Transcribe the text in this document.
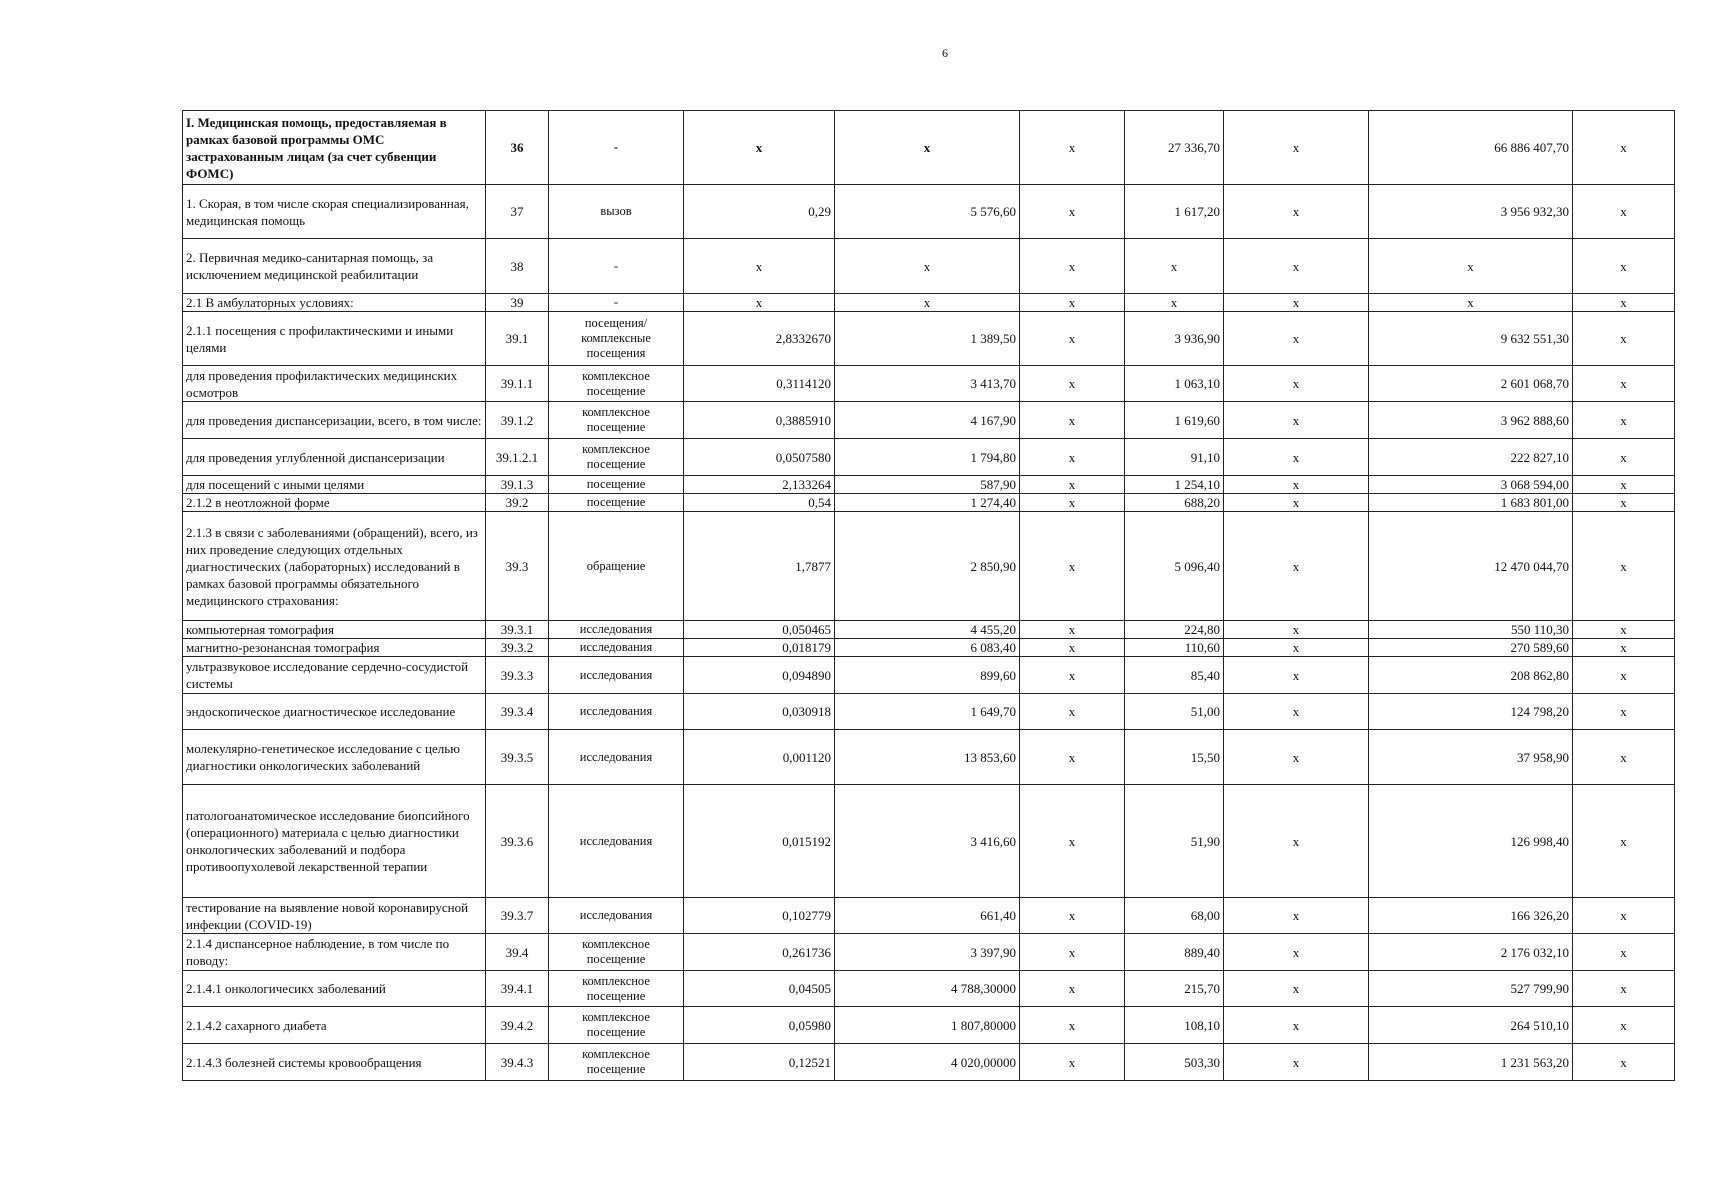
6
I. Медицинская помощь, предоставляемая в рамках базовой программы ОМС застрахованным лицам (за счет субвенции ФОМС)	36	-	x	x	x	27 336,70	x	66 886 407,70	x
1. Скорая, в том числе скорая специализированная, медицинская помощь	37	вызов	0,29	5 576,60	x	1 617,20	x	3 956 932,30	x
2. Первичная медико-санитарная помощь, за исключением медицинской реабилитации	38	-	x	x	x	x	x	x	x
2.1 В амбулаторных условиях:	39	-	x	x	x	x	x	x	x
2.1.1 посещения с профилактическими и иными целями	39.1	посещения/комплексные посещения	2,8332670	1 389,50	x	3 936,90	x	9 632 551,30	x
для проведения профилактических медицинских осмотров	39.1.1	комплексное посещение	0,3114120	3 413,70	x	1 063,10	x	2 601 068,70	x
для проведения диспансеризации, всего, в том числе:	39.1.2	комплексное посещение	0,3885910	4 167,90	x	1 619,60	x	3 962 888,60	x
для проведения углубленной диспансеризации	39.1.2.1	комплексное посещение	0,0507580	1 794,80	x	91,10	x	222 827,10	x
для посещений с иными целями	39.1.3	посещение	2,133264	587,90	x	1 254,10	x	3 068 594,00	x
2.1.2 в неотложной форме	39.2	посещение	0,54	1 274,40	x	688,20	x	1 683 801,00	x
2.1.3 в связи с заболеваниями (обращений), всего, из них проведение следующих отдельных диагностических (лабораторных) исследований в рамках базовой программы обязательного медицинского страхования:	39.3	обращение	1,7877	2 850,90	x	5 096,40	x	12 470 044,70	x
компьютерная томография	39.3.1	исследования	0,050465	4 455,20	x	224,80	x	550 110,30	x
магнитно-резонансная томография	39.3.2	исследования	0,018179	6 083,40	x	110,60	x	270 589,60	x
ультразвуковое исследование сердечно-сосудистой системы	39.3.3	исследования	0,094890	899,60	x	85,40	x	208 862,80	x
эндоскопическое диагностическое исследование	39.3.4	исследования	0,030918	1 649,70	x	51,00	x	124 798,20	x
молекулярно-генетическое исследование с целью диагностики онкологических заболеваний	39.3.5	исследования	0,001120	13 853,60	x	15,50	x	37 958,90	x
патологоанатомическое исследование биопсийного (операционного) материала с целью диагностики онкологических заболеваний и подбора противоопухолевой лекарственной терапии	39.3.6	исследования	0,015192	3 416,60	x	51,90	x	126 998,40	x
тестирование на выявление новой коронавирусной инфекции (COVID-19)	39.3.7	исследования	0,102779	661,40	x	68,00	x	166 326,20	x
2.1.4 диспансерное наблюдение, в том числе по поводу:	39.4	комплексное посещение	0,261736	3 397,90	x	889,40	x	2 176 032,10	x
2.1.4.1 онкологичесикх заболеваний	39.4.1	комплексное посещение	0,04505	4 788,30000	x	215,70	x	527 799,90	x
2.1.4.2 сахарного диабета	39.4.2	комплексное посещение	0,05980	1 807,80000	x	108,10	x	264 510,10	x
2.1.4.3 болезней системы кровообращения	39.4.3	комплексное посещение	0,12521	4 020,00000	x	503,30	x	1 231 563,20	x
